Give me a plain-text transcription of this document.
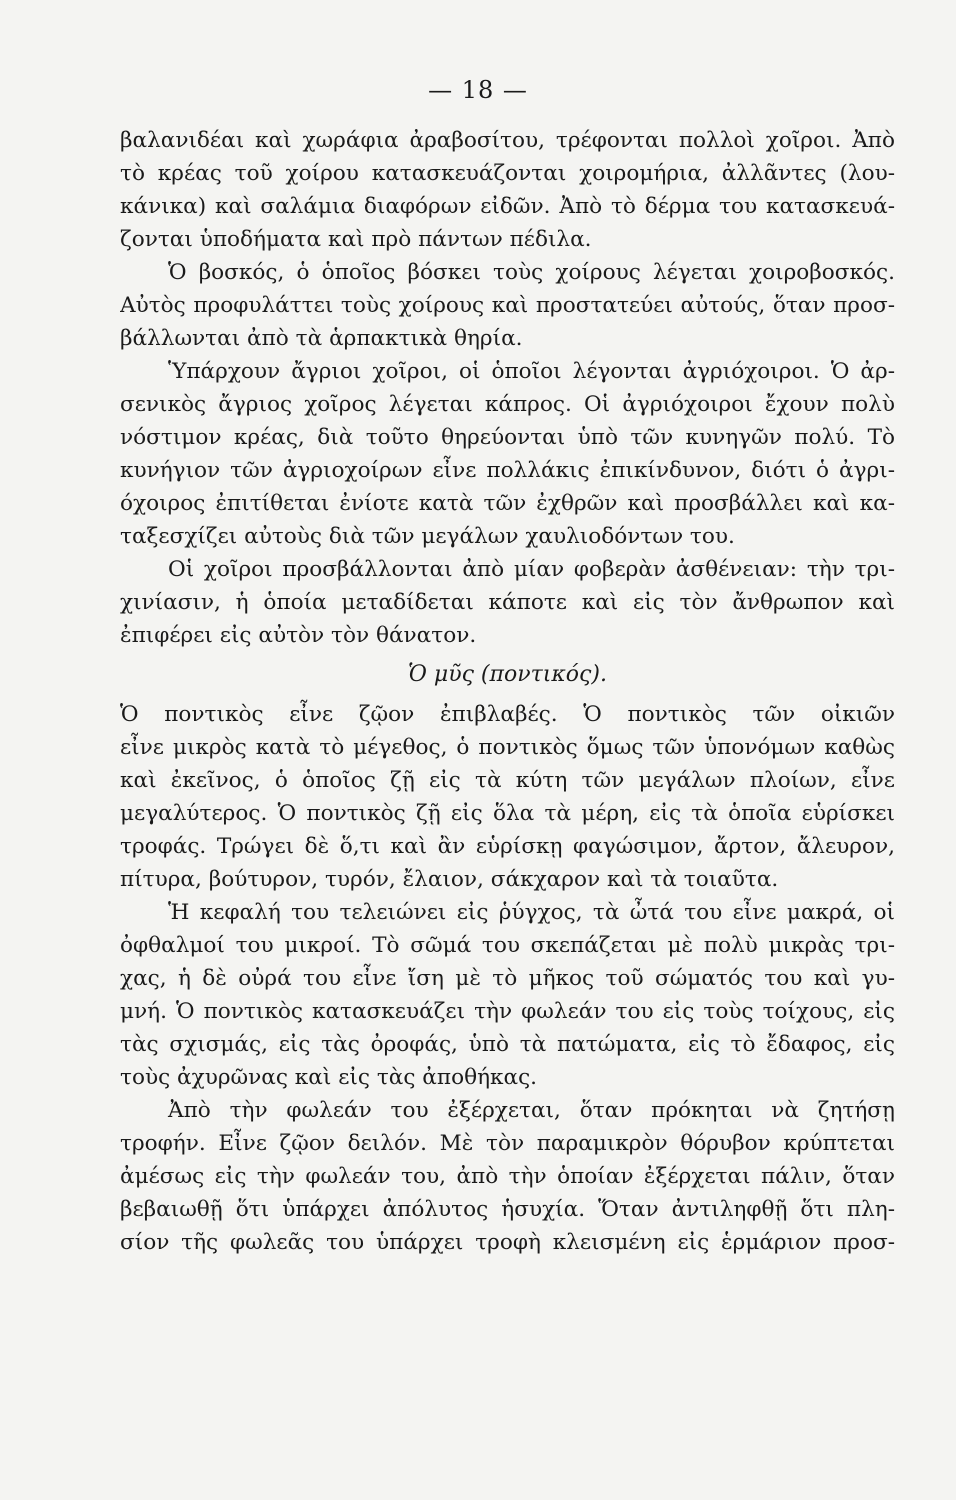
— 18 —
βαλανιδέαι καὶ χωράφια ἀραβοσίτου, τρέφονται πολλοὶ χοῖροι. Ἀπὸ
τὸ κρέας τοῦ χοίρου κατασκευάζονται χοιρομήρια, ἀλλᾶντες (λου-
κάνικα) καὶ σαλάμια διαφόρων εἰδῶν. Ἀπὸ τὸ δέρμα του κατασκευά-
ζονται ὑποδήματα καὶ πρὸ πάντων πέδιλα.
Ὁ βοσκός, ὁ ὁποῖος βόσκει τοὺς χοίρους λέγεται χοιροβοσκός.
Αὐτὸς προφυλάττει τοὺς χοίρους καὶ προστατεύει αὐτούς, ὅταν προσ-
βάλλωνται ἀπὸ τὰ ἁρπακτικὰ θηρία.
Ὑπάρχουν ἄγριοι χοῖροι, οἱ ὁποῖοι λέγονται ἀγριόχοιροι. Ὁ ἀρ-
σενικὸς ἄγριος χοῖρος λέγεται κάπρος. Οἱ ἀγριόχοιροι ἔχουν πολὺ
νόστιμον κρέας, διὰ τοῦτο θηρεύονται ὑπὸ τῶν κυνηγῶν πολύ. Τὸ
κυνήγιον τῶν ἀγριοχοίρων εἶνε πολλάκις ἐπικίνδυνον, διότι ὁ ἀγρι-
όχοιρος ἐπιτίθεται ἐνίοτε κατὰ τῶν ἐχθρῶν καὶ προσβάλλει καὶ κα-
ταξεσχίζει αὐτοὺς διὰ τῶν μεγάλων χαυλιοδόντων του.
Οἱ χοῖροι προσβάλλονται ἀπὸ μίαν φοβερὰν ἀσθένειαν: τὴν τρι-
χινίασιν, ἡ ὁποία μεταδίδεται κάποτε καὶ εἰς τὸν ἄνθρωπον καὶ
ἐπιφέρει εἰς αὐτὸν τὸν θάνατον.
Ὁ μῦς (ποντικός).
Ὁ ποντικὸς εἶνε ζῷον ἐπιβλαβές. Ὁ ποντικὸς τῶν οἰκιῶν
εἶνε μικρὸς κατὰ τὸ μέγεθος, ὁ ποντικὸς ὅμως τῶν ὑπονόμων καθὼς
καὶ ἐκεῖνος, ὁ ὁποῖος ζῇ εἰς τὰ κύτη τῶν μεγάλων πλοίων, εἶνε
μεγαλύτερος. Ὁ ποντικὸς ζῇ εἰς ὅλα τὰ μέρη, εἰς τὰ ὁποῖα εὑρίσκει
τροφάς. Τρώγει δὲ ὅ,τι καὶ ἂν εὑρίσκῃ φαγώσιμον, ἄρτον, ἄλευρον,
πίτυρα, βούτυρον, τυρόν, ἔλαιον, σάκχαρον καὶ τὰ τοιαῦτα.
Ἡ κεφαλή του τελειώνει εἰς ῥύγχος, τὰ ὦτά του εἶνε μακρά, οἱ
ὀφθαλμοί του μικροί. Τὸ σῶμά του σκεπάζεται μὲ πολὺ μικρὰς τρι-
χας, ἡ δὲ οὐρά του εἶνε ἴση μὲ τὸ μῆκος τοῦ σώματός του καὶ γυ-
μνή. Ὁ ποντικὸς κατασκευάζει τὴν φωλεάν του εἰς τοὺς τοίχους, εἰς
τὰς σχισμάς, εἰς τὰς ὀροφάς, ὑπὸ τὰ πατώματα, εἰς τὸ ἔδαφος, εἰς
τοὺς ἀχυρῶνας καὶ εἰς τὰς ἀποθήκας.
Ἀπὸ τὴν φωλεάν του ἐξέρχεται, ὅταν πρόκηται νὰ ζητήσῃ
τροφήν. Εἶνε ζῷον δειλόν. Μὲ τὸν παραμικρὸν θόρυβον κρύπτεται
ἀμέσως εἰς τὴν φωλεάν του, ἀπὸ τὴν ὁποίαν ἐξέρχεται πάλιν, ὅταν
βεβαιωθῇ ὅτι ὑπάρχει ἀπόλυτος ἡσυχία. Ὅταν ἀντιληφθῇ ὅτι πλη-
σίον τῆς φωλεᾶς του ὑπάρχει τροφὴ κλεισμένη εἰς ἑρμάριον προσ-
